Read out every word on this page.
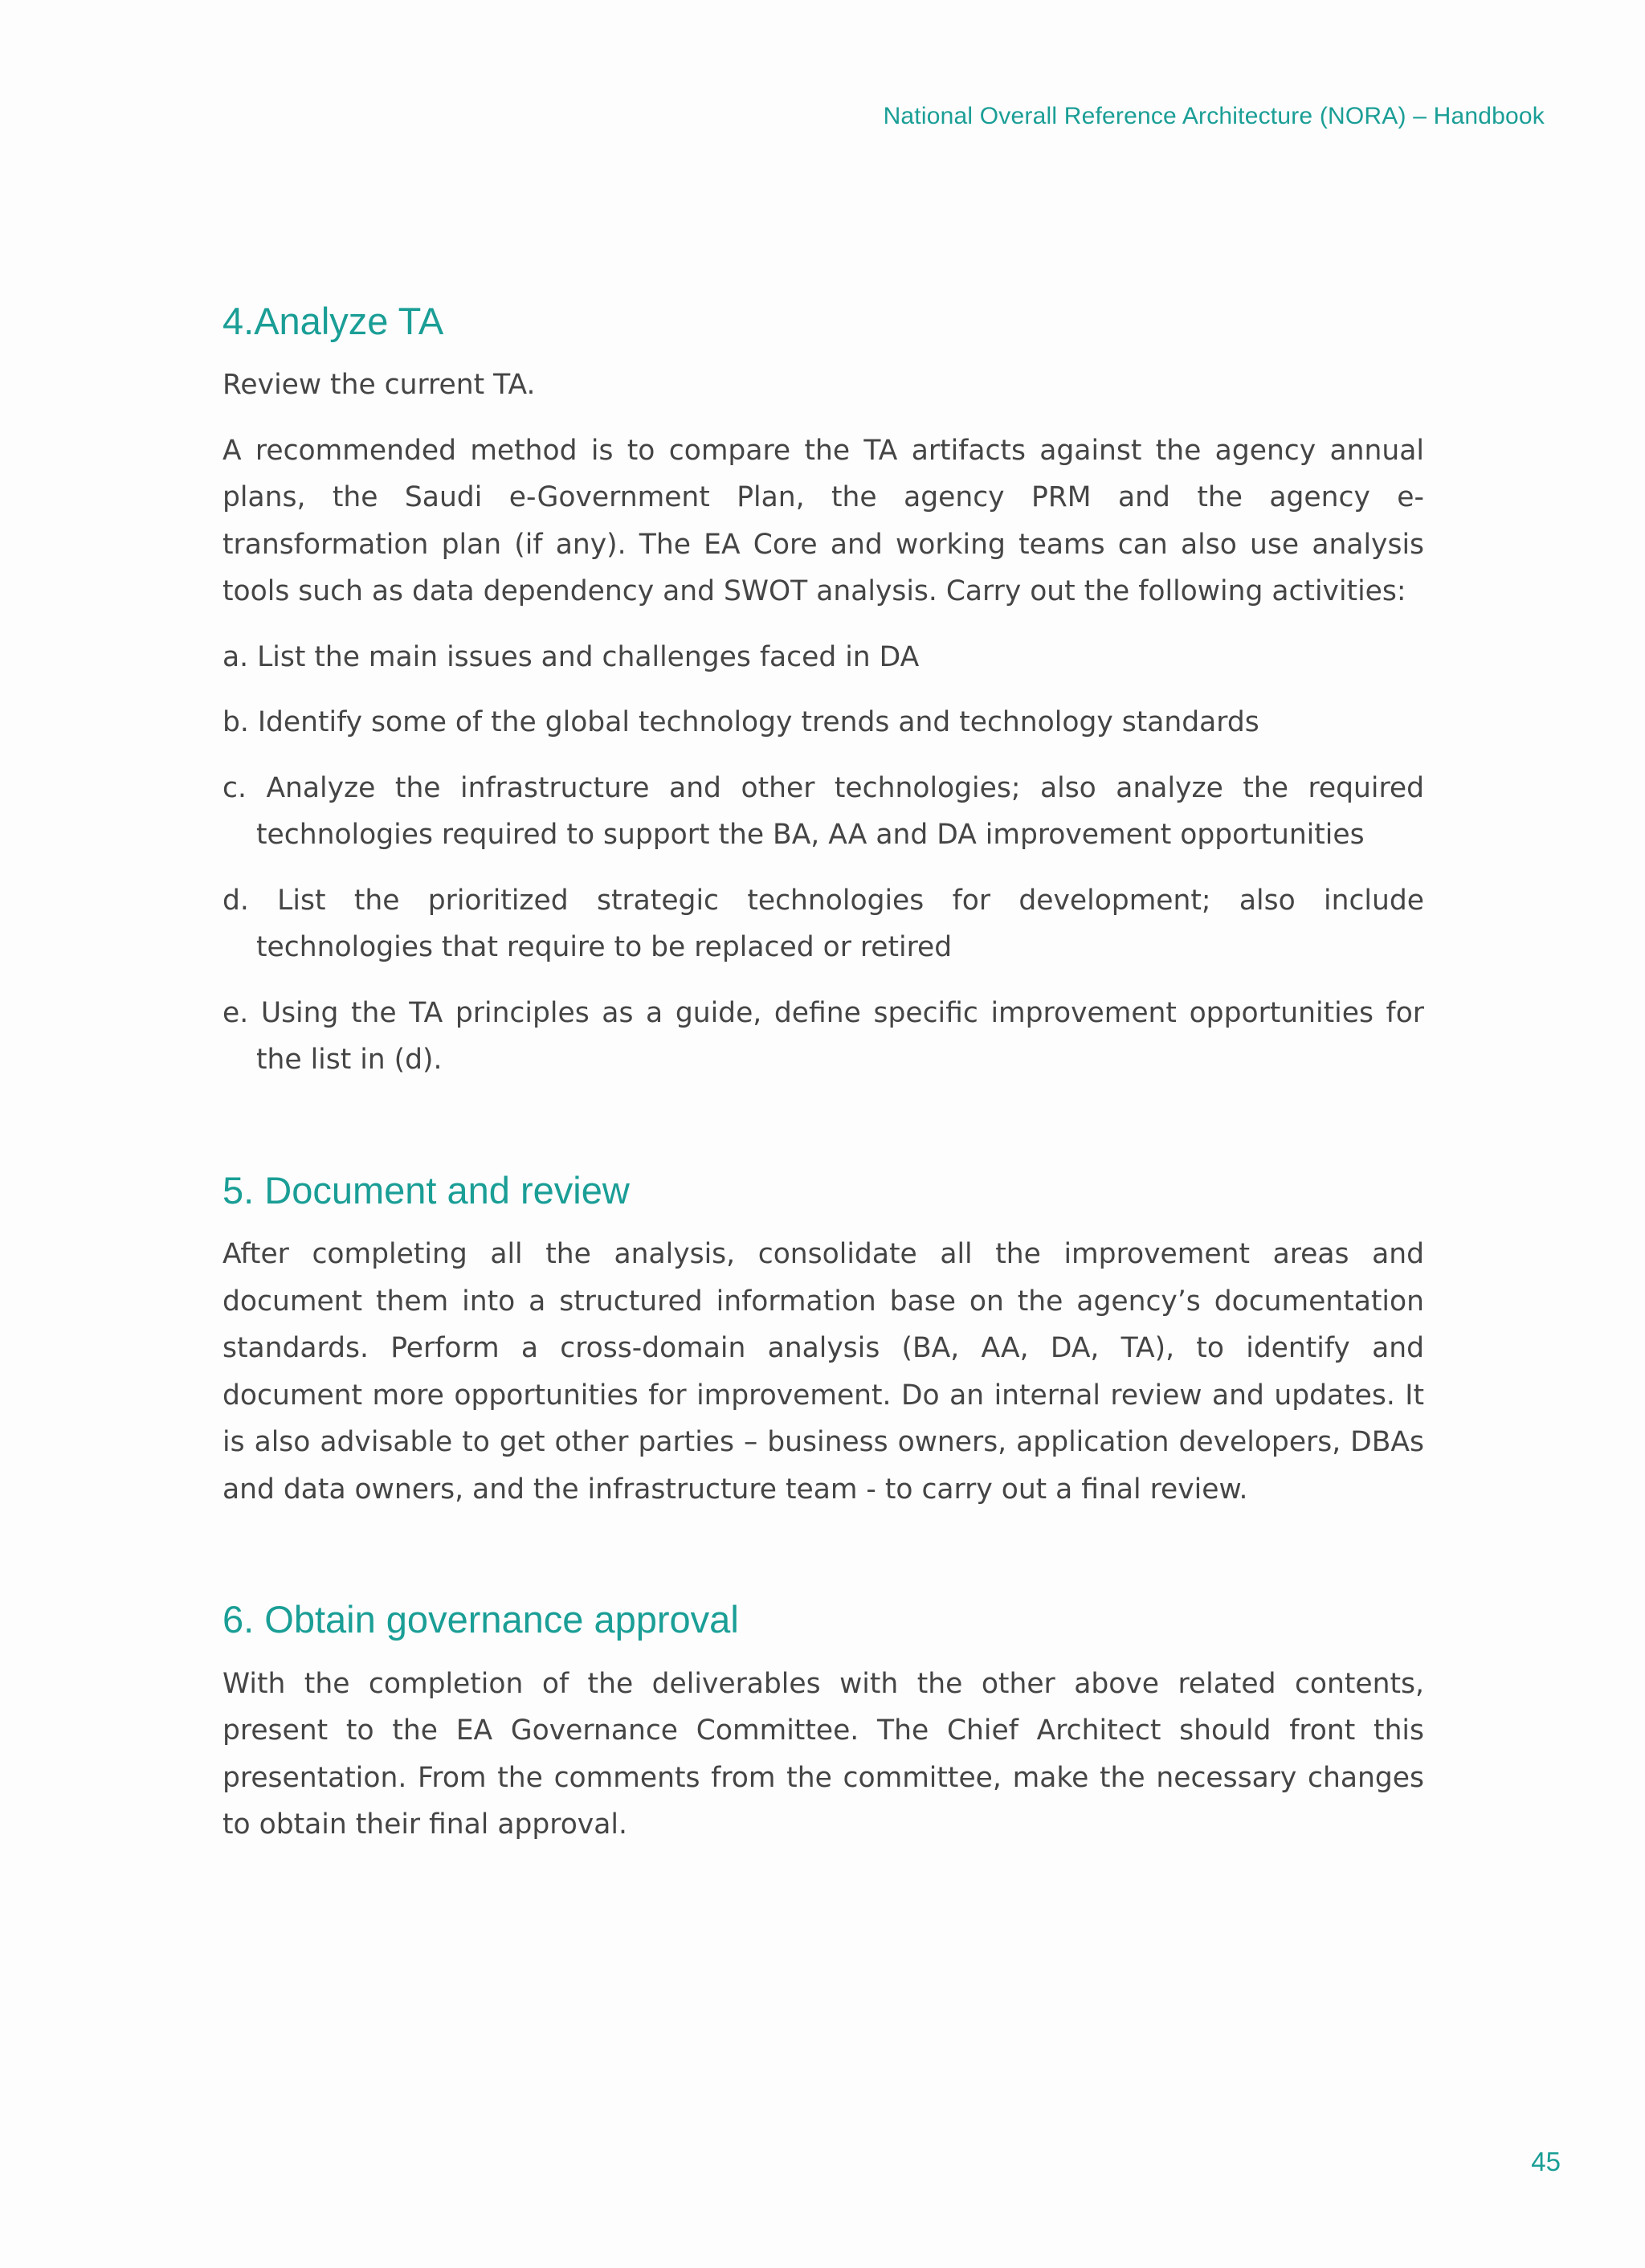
National Overall Reference Architecture (NORA) – Handbook
4.Analyze TA

Review the current TA.

A recommended method is to compare the TA artifacts against the agency annual plans, the Saudi e-Government Plan, the agency PRM and the agency e-transformation plan (if any). The EA Core and working teams can also use analysis tools such as data dependency and SWOT analysis. Carry out the following activities:

a. List the main issues and challenges faced in DA
b. Identify some of the global technology trends and technology standards
c. Analyze the infrastructure and other technologies; also analyze the required technologies required to support the BA, AA and DA improvement opportunities
d. List the prioritized strategic technologies for development; also include technologies that require to be replaced or retired
e. Using the TA principles as a guide, define specific improvement opportunities for the list in (d).
5. Document and review

After completing all the analysis, consolidate all the improvement areas and document them into a structured information base on the agency’s documentation standards. Perform a cross-domain analysis (BA, AA, DA, TA), to identify and document more opportunities for improvement. Do an internal review and updates. It is also advisable to get other parties – business owners, application developers, DBAs and data owners, and the infrastructure team - to carry out a final review.

6. Obtain governance approval

With the completion of the deliverables with the other above related contents, present to the EA Governance Committee. The Chief Architect should front this presentation. From the comments from the committee, make the necessary changes to obtain their final approval.

45
